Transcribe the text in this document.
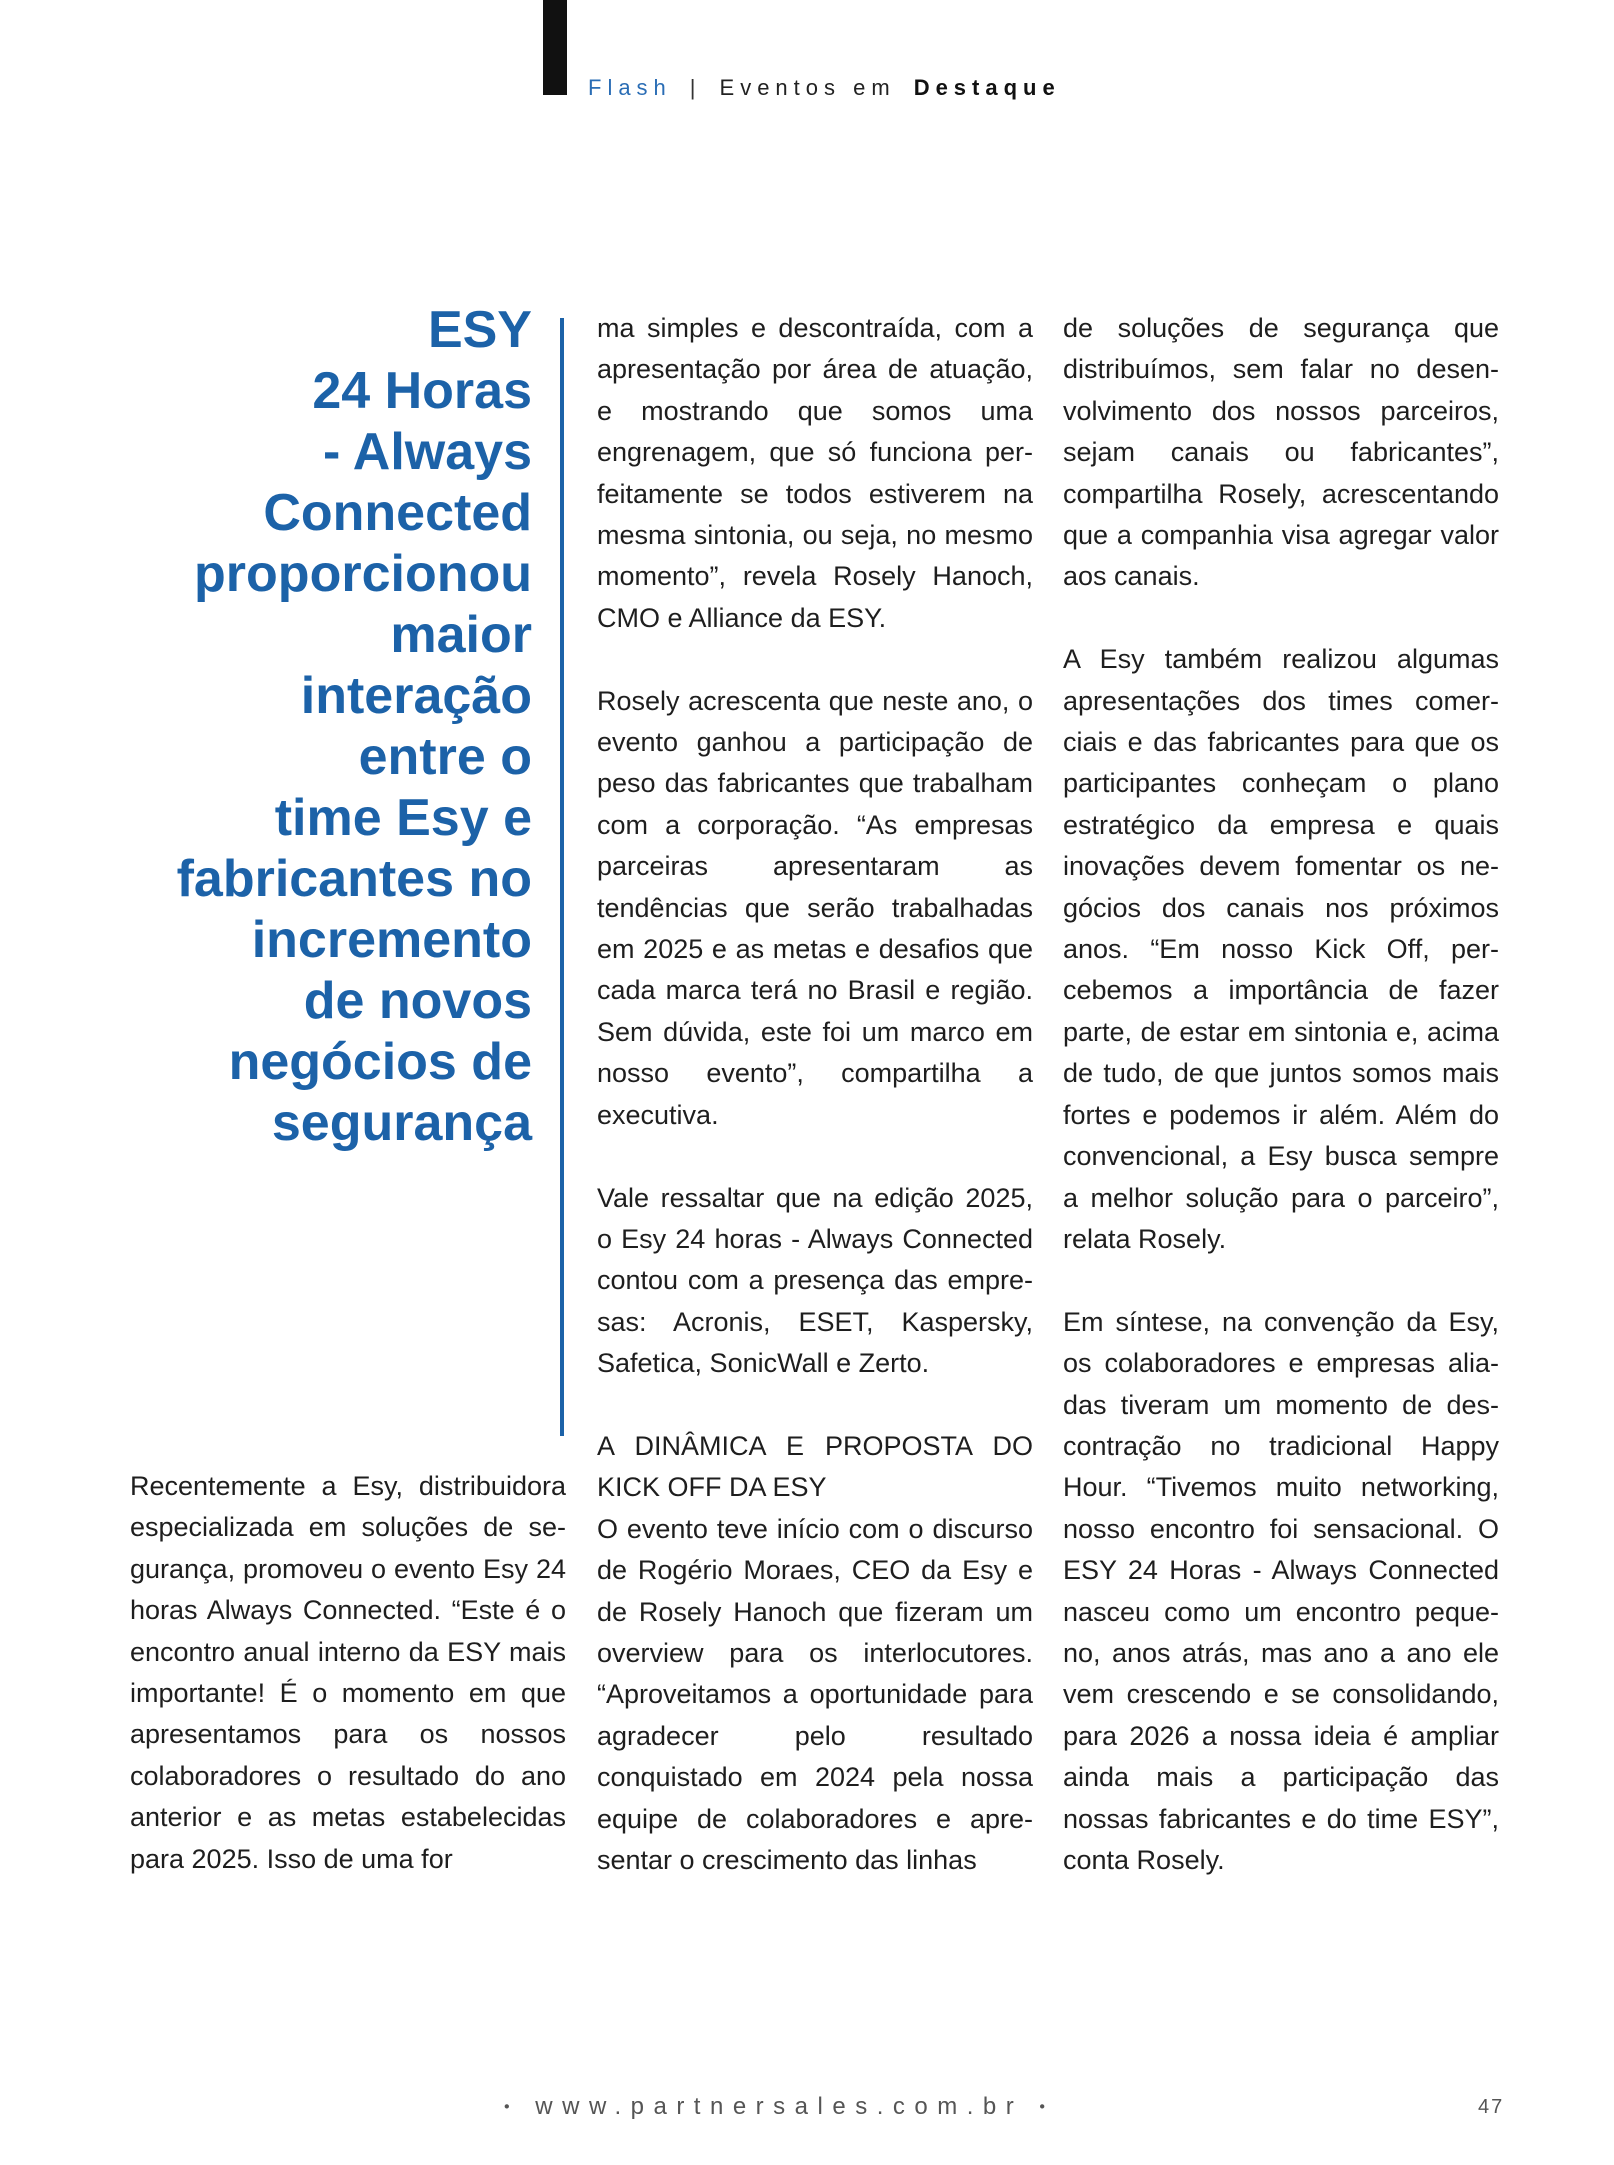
Flash | Eventos em Destaque
ESY
24 Horas
- Always
Connected
proporcionou
maior
interação
entre o
time Esy e
fabricantes no
incremento
de novos
negócios de
segurança

Recentemente a Esy, distribuidora especializada em soluções de segurança, promoveu o evento Esy 24 horas Always Connected. “Este é o encontro anual interno da ESY mais importante! É o momento em que apresentamos para os nossos colaboradores o resultado do ano anterior e as metas estabelecidas para 2025. Isso de uma for

ma simples e descontraída, com a apresentação por área de atuação, e mostrando que somos uma engrenagem, que só funciona perfeitamente se todos estiverem na mesma sintonia, ou seja, no mesmo momento”, revela Rosely Hanoch, CMO e Alliance da ESY.

Rosely acrescenta que neste ano, o evento ganhou a participação de peso das fabricantes que trabalham com a corporação. “As empresas parceiras apresentaram as tendências que serão trabalhadas em 2025 e as metas e desafios que cada marca terá no Brasil e região. Sem dúvida, este foi um marco em nosso evento”, compartilha a executiva.

Vale ressaltar que na edição 2025, o Esy 24 horas - Always Connected contou com a presença das empresas: Acronis, ESET, Kaspersky, Safetica, SonicWall e Zerto.

A DINÂMICA E PROPOSTA DO KICK OFF DA ESY

O evento teve início com o discurso de Rogério Moraes, CEO da Esy e de Rosely Hanoch que fizeram um overview para os interlocutores. “Aproveitamos a oportunidade para agradecer pelo resultado conquistado em 2024 pela nossa equipe de colaboradores e apresentar o crescimento das linhas

de soluções de segurança que distribuímos, sem falar no desenvolvimento dos nossos parceiros, sejam canais ou fabricantes”, compartilha Rosely, acrescentando que a companhia visa agregar valor aos canais.

A Esy também realizou algumas apresentações dos times comerciais e das fabricantes para que os participantes conheçam o plano estratégico da empresa e quais inovações devem fomentar os negócios dos canais nos próximos anos. “Em nosso Kick Off, percebemos a importância de fazer parte, de estar em sintonia e, acima de tudo, de que juntos somos mais fortes e podemos ir além. Além do convencional, a Esy busca sempre a melhor solução para o parceiro”, relata Rosely.

Em síntese, na convenção da Esy, os colaboradores e empresas aliadas tiveram um momento de descontração no tradicional Happy Hour. “Tivemos muito networking, nosso encontro foi sensacional. O ESY 24 Horas - Always Connected nasceu como um encontro pequeno, anos atrás, mas ano a ano ele vem crescendo e se consolidando, para 2026 a nossa ideia é ampliar ainda mais a participação das nossas fabricantes e do time ESY”, conta Rosely.

• www.partnersales.com.br •	47
